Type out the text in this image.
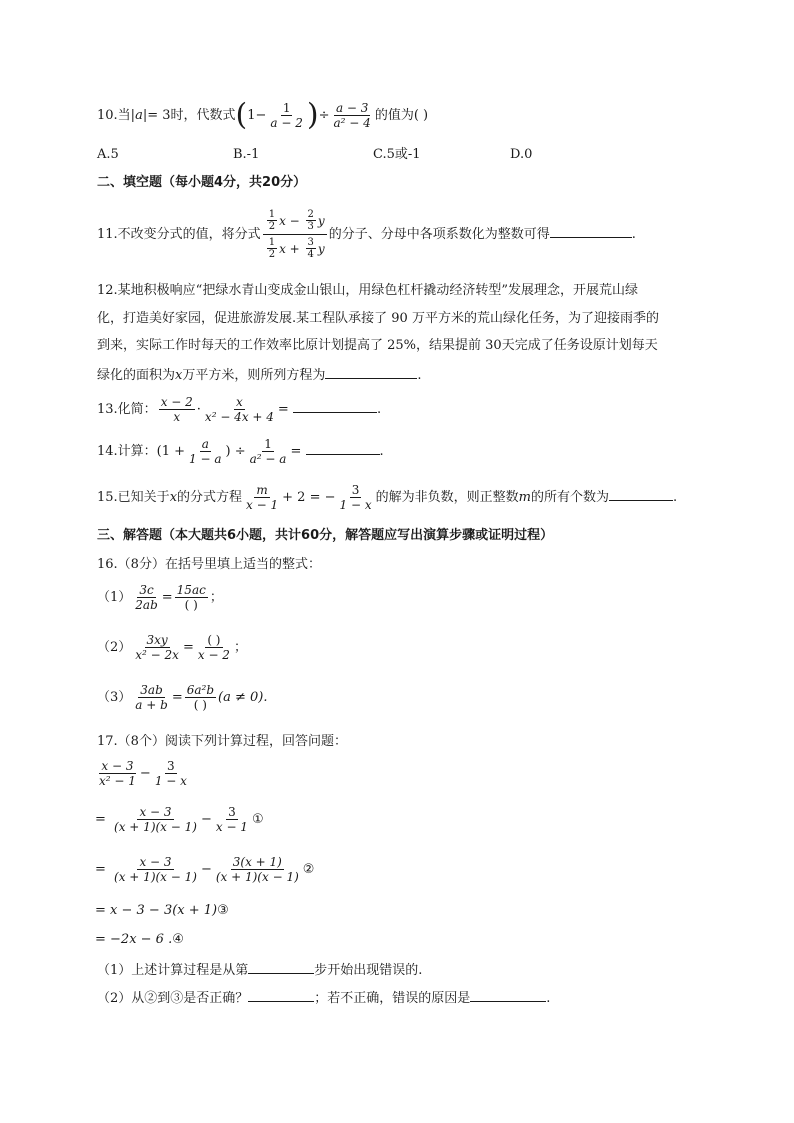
10.当|a|= 3时，代数式($1- \frac{1}{a - 2}$ )÷ $\frac{a - 3}{\text{a² − 4}}$ 的值为( )
A.5	B.-1	C.5或-1	D.0
二、填空题（每小题4分，共20分）
11.不改变分式的值，将分式 $\frac{\frac{1}{2} x - \frac{2}{3} y}{\frac{1}{2} x + \frac{3}{4} y}$ 的分子、分母中各项系数化为整数可得	.
12.某地积极响应“把绿水青山变成金山银山，用绿色杠杆撬动经济转型”发展理念，开展荒山绿
化，打造美好家园，促进旅游发展.某工程队承接了 90 万平方米的荒山绿化任务，为了迎接雨季的
到来，实际工作时每天的工作效率比原计划提高了 25%，结果提前 30天完成了任务设原计划每天
绿化的面积为x万平方米，则所列方程为	.
13.化简： $\frac{x - 2}{x} \cdot \frac{x}{\text{x² − 4x + 4}}$ =	.
14.计算：($1 + \frac{a}{1 - a}$ ) ÷ $\frac{1}{\text{a² − a}}$ =	.
15.已知关于x的分式方程 $\frac{m}{x - 1} + 2$ = − $\frac{3}{1 - x}$ 的解为非负数，则正整数m的所有个数为	.
三、解答题（本大题共6小题，共计60分，解答题应写出演算步骤或证明过程）
16.（8分）在括号里填上适当的整式：
$(1) \frac{3c}{2ab} = \frac{15ac}{( )}$ ；
$(2) \frac{3xy}{\text{x² − 2x}} = \frac{( )}{x - 2}$ ；
$(3) \frac{3ab}{a + b} = \frac{\text{6a²b}}{( )} (a \ne 0)$.
17.（8个）阅读下列计算过程，回答问题：
$\frac{x - 3}{\text{x² − 1}} - \frac{3}{1 - x}$
= $\frac{x - 3}{(x + 1)(x - 1)} - \frac{3}{x - 1}$ ①
= $\frac{x - 3}{(x + 1)(x - 1)} - \frac{3(x + 1)}{(x + 1)(x - 1)}$ ②
= x − 3 − 3(x + 1)③
= −2x − 6 .④
（1）上述计算过程是从第	步开始出现错误的.
（2）从②到③是否正确？	；若不正确，错误的原因是	.
